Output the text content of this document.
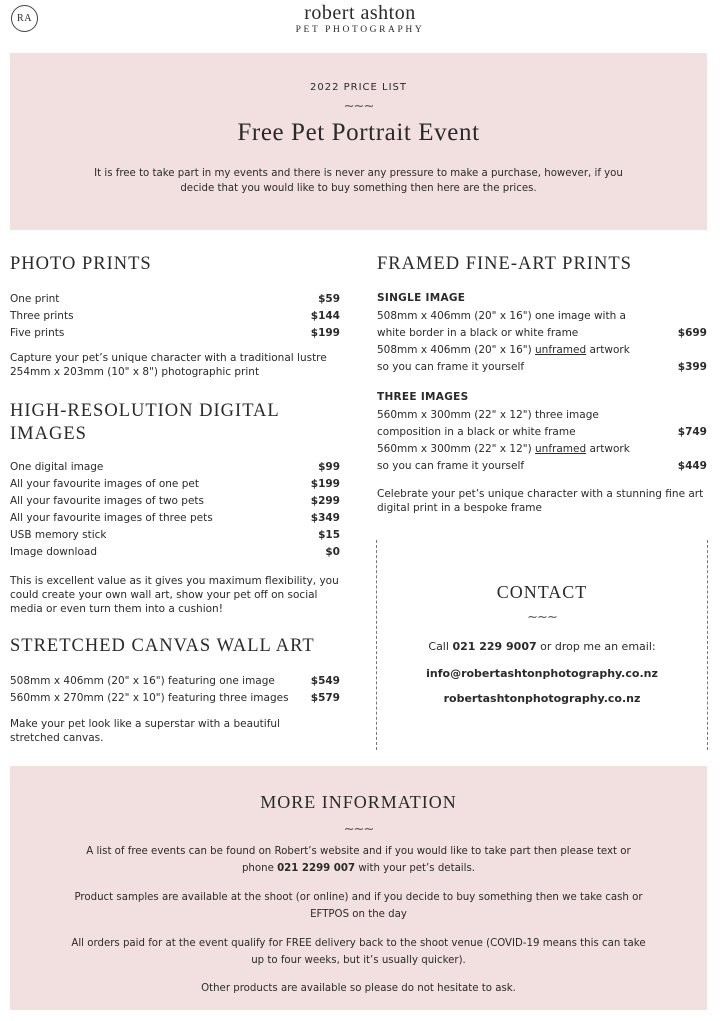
RA	robert ashton
PET PHOTOGRAPHY
2022 PRICE LIST
~~~
Free Pet Portrait Event
It is free to take part in my events and there is never any pressure to make a purchase, however, if you decide that you would like to buy something then here are the prices.
PHOTO PRINTS
One print	$59
Three prints	$144
Five prints	$199
Capture your pet’s unique character with a traditional lustre 254mm x 203mm (10" x 8") photographic print
HIGH-RESOLUTION DIGITAL IMAGES
One digital image	$99
All your favourite images of one pet	$199
All your favourite images of two pets	$299
All your favourite images of three pets	$349
USB memory stick	$15
Image download	$0
This is excellent value as it gives you maximum flexibility, you could create your own wall art, show your pet off on social media or even turn them into a cushion!
STRETCHED CANVAS WALL ART
508mm x 406mm (20" x 16") featuring one image	$549
560mm x 270mm (22" x 10") featuring three images $579
Make your pet look like a superstar with a beautiful stretched canvas.
FRAMED FINE-ART PRINTS
SINGLE IMAGE
508mm x 406mm (20" x 16") one image with a
white border in a black or white frame	$699
508mm x 406mm (20" x 16") unframed artwork
so you can frame it yourself	$399
THREE IMAGES
560mm x 300mm (22" x 12") three image
composition in a black or white frame	$749
560mm x 300mm (22" x 12") unframed artwork
so you can frame it yourself	$449
Celebrate your pet’s unique character with a stunning fine art digital print in a bespoke frame
CONTACT
~~~
Call 021 229 9007 or drop me an email:
info@robertashtonphotography.co.nz
robertashtonphotography.co.nz
MORE INFORMATION
~~~
A list of free events can be found on Robert’s website and if you would like to take part then please text or phone 021 2299 007 with your pet’s details.
Product samples are available at the shoot (or online) and if you decide to buy something then we take cash or EFTPOS on the day
All orders paid for at the event qualify for FREE delivery back to the shoot venue (COVID-19 means this can take up to four weeks, but it’s usually quicker).
Other products are available so please do not hesitate to ask.
